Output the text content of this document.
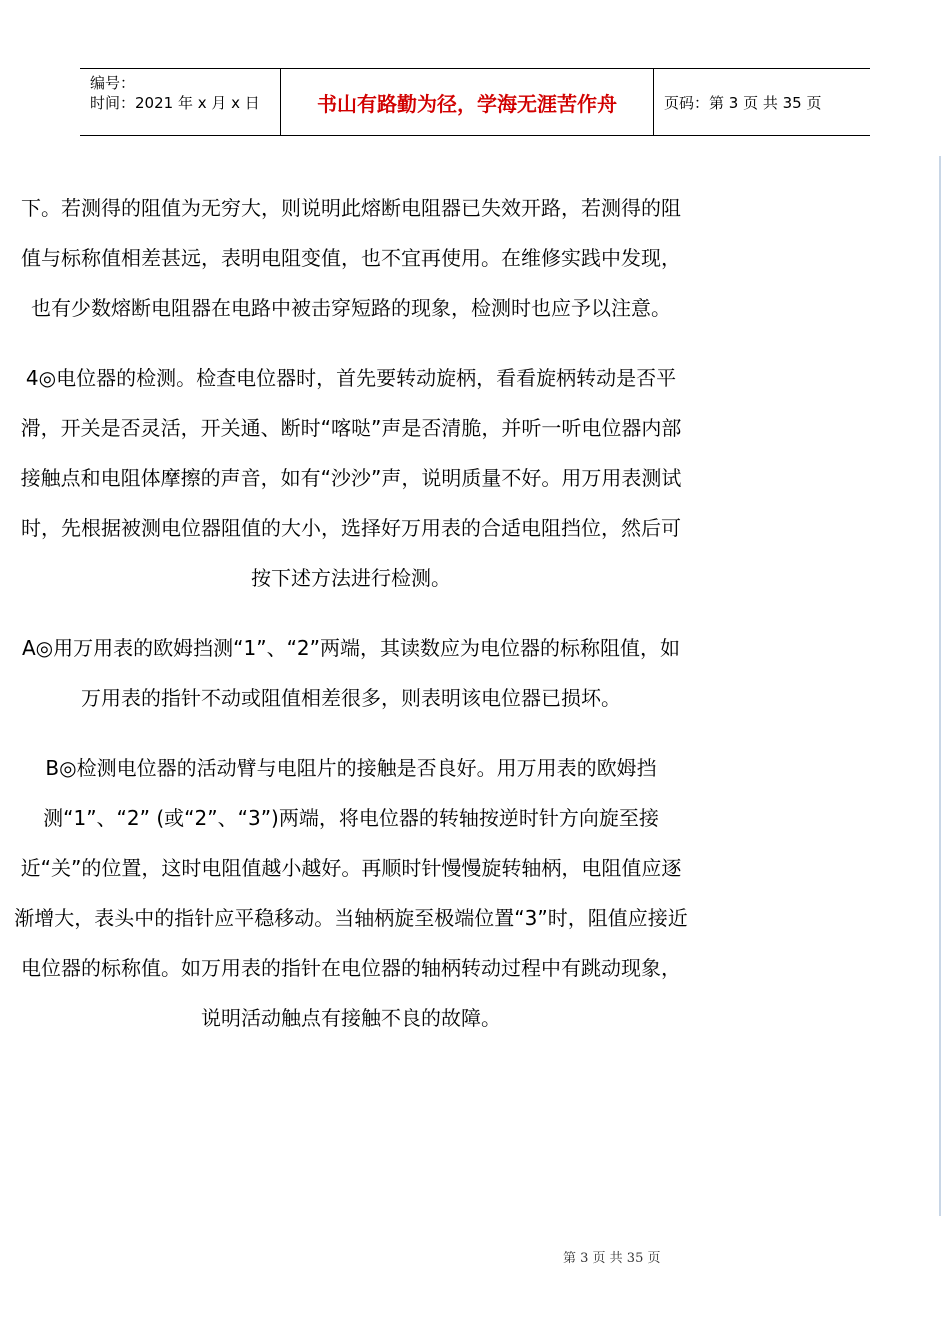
编号：
时间：2021 年 x 月 x 日	书山有路勤为径，学海无涯苦作舟	页码：第 3 页 共 35 页

下。若测得的阻值为无穷大，则说明此熔断电阻器已失效开路，若测得的阻值与标称值相差甚远，表明电阻变值，也不宜再使用。在维修实践中发现，也有少数熔断电阻器在电路中被击穿短路的现象，检测时也应予以注意。

4◎电位器的检测。检查电位器时，首先要转动旋柄，看看旋柄转动是否平滑，开关是否灵活，开关通、断时“喀哒”声是否清脆，并听一听电位器内部接触点和电阻体摩擦的声音，如有“沙沙”声，说明质量不好。用万用表测试时，先根据被测电位器阻值的大小，选择好万用表的合适电阻挡位，然后可按下述方法进行检测。

A◎用万用表的欧姆挡测“1”、“2”两端，其读数应为电位器的标称阻值，如万用表的指针不动或阻值相差很多，则表明该电位器已损坏。

B◎检测电位器的活动臂与电阻片的接触是否良好。用万用表的欧姆挡测“1”、“2” (或“2”、“3”)两端，将电位器的转轴按逆时针方向旋至接近“关”的位置，这时电阻值越小越好。再顺时针慢慢旋转轴柄，电阻值应逐渐增大，表头中的指针应平稳移动。当轴柄旋至极端位置“3”时，阻值应接近电位器的标称值。如万用表的指针在电位器的轴柄转动过程中有跳动现象，说明活动触点有接触不良的故障。

第 3 页 共 35 页
